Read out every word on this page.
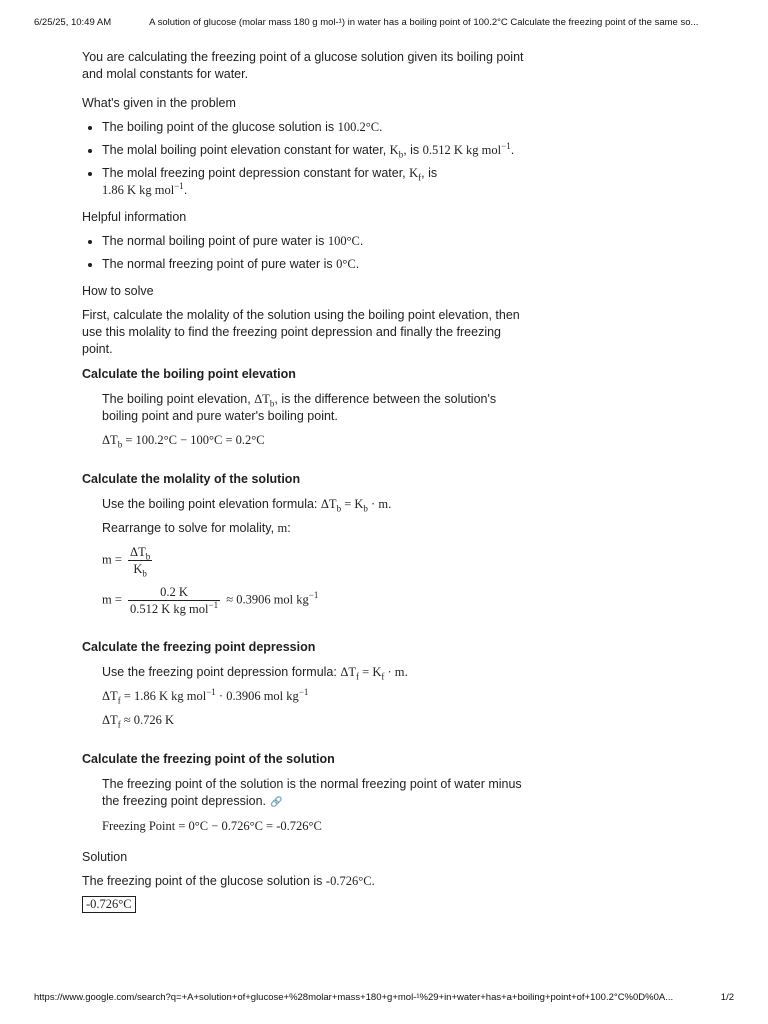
6/25/25, 10:49 AM	A solution of glucose (molar mass 180 g mol-¹) in water has a boiling point of 100.2°C Calculate the freezing point of the same so...

You are calculating the freezing point of a glucose solution given its boiling point and molal constants for water.

What's given in the problem

• The boiling point of the glucose solution is 100.2°C.
• The molal boiling point elevation constant for water, $K_b$, is 0.512 K kg mol$^{-1}$.
• The molal freezing point depression constant for water, $K_f$, is
1.86 K kg mol$^{-1}$.

Helpful information

• The normal boiling point of pure water is 100°C.
• The normal freezing point of pure water is 0°C.

How to solve

First, calculate the molality of the solution using the boiling point elevation, then use this molality to find the freezing point depression and finally the freezing point.

Calculate the boiling point elevation

The boiling point elevation, $\Delta T_b$, is the difference between the solution's boiling point and pure water's boiling point.
$\Delta T_b = 100.2^\circ C - 100^\circ C = 0.2^\circ C$

Calculate the molality of the solution

Use the boiling point elevation formula: $\Delta T_b = K_b \cdot m$.
Rearrange to solve for molality, m:
$m = \frac{\Delta T_b}{K_b}$
$m = \frac{0.2 K}{0.512 K kg mol^{-1}} \approx 0.3906$ mol $kg^{-1}$

Calculate the freezing point depression

Use the freezing point depression formula: $\Delta T_f = K_f \cdot m$.
$\Delta T_f = 1.86$ K kg mol$^{-1}$ · 0.3906 mol $kg^{-1}$
$\Delta T_f \approx 0.726$ K

Calculate the freezing point of the solution

The freezing point of the solution is the normal freezing point of water minus the freezing point depression. 🔗
Freezing Point = 0°C − 0.726°C = -0.726°C

Solution

The freezing point of the glucose solution is -0.726°C.
-0.726°C
https://www.google.com/search?q=+A+solution+of+glucose+%28molar+mass+180+g+mol-¹%29+in+water+has+a+boiling+point+of+100.2°C%0D%0A...	1/2
